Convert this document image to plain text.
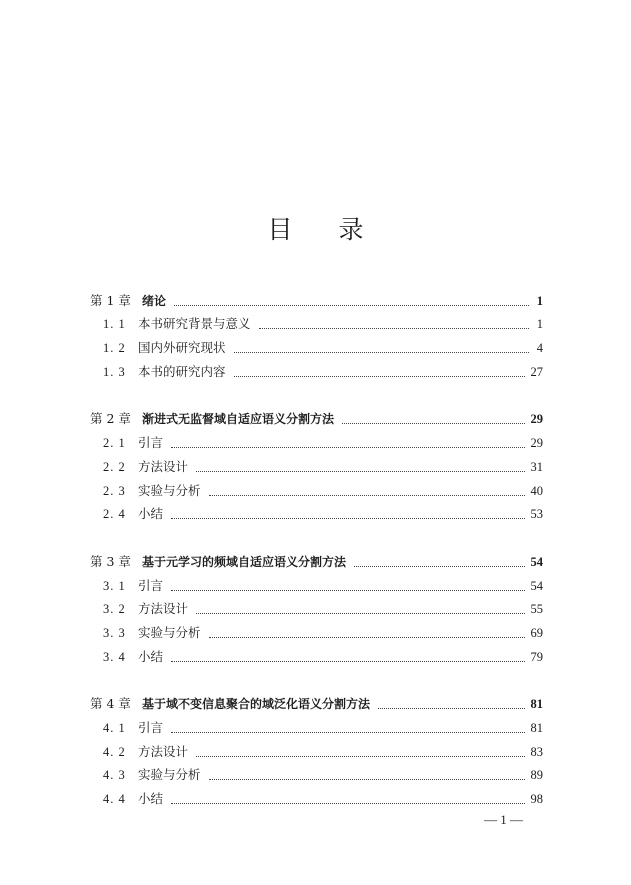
目 录
第 1 章 绪论	1
1. 1 本书研究背景与意义	1
1. 2 国内外研究现状	4
1. 3 本书的研究内容	27
第 2 章 渐进式无监督域自适应语义分割方法	29
2. 1 引言	29
2. 2 方法设计	31
2. 3 实验与分析	40
2. 4 小结	53
第 3 章 基于元学习的频域自适应语义分割方法	54
3. 1 引言	54
3. 2 方法设计	55
3. 3 实验与分析	69
3. 4 小结	79
第 4 章 基于域不变信息聚合的域泛化语义分割方法	81
4. 1 引言	81
4. 2 方法设计	83
4. 3 实验与分析	89
4. 4 小结	98
— 1 —
